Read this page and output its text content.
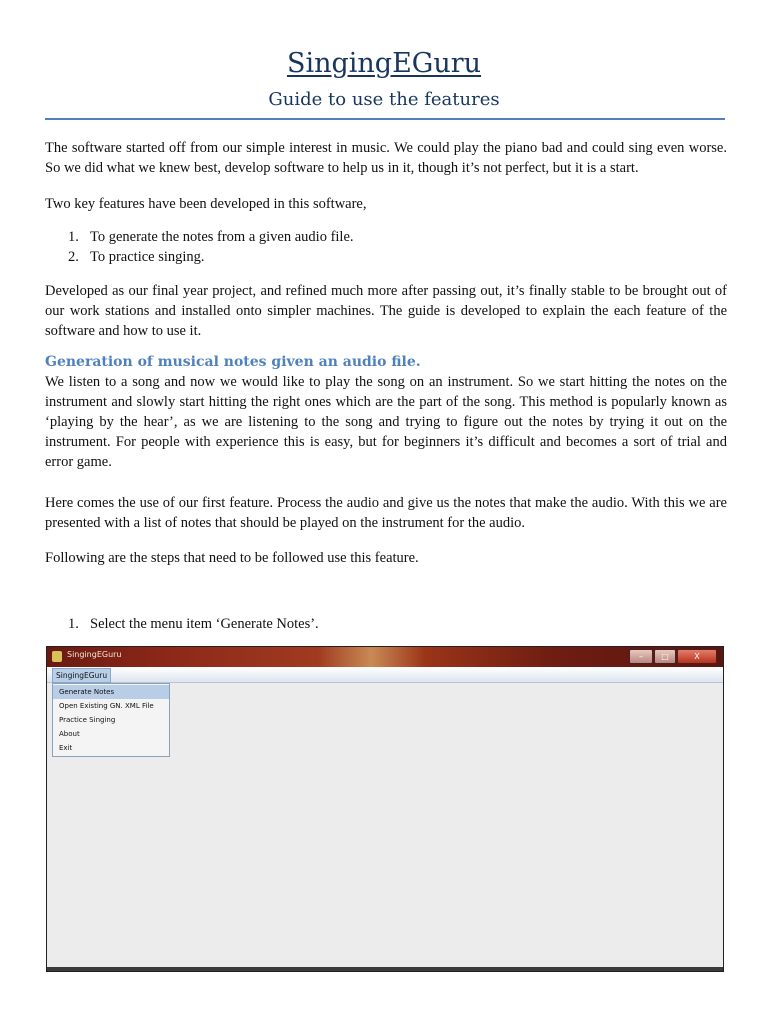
SingingEGuru
Guide to use the features

The software started off from our simple interest in music. We could play the piano bad and could sing even worse. So we did what we knew best, develop software to help us in it, though it’s not perfect, but it is a start.

Two key features have been developed in this software,

1. To generate the notes from a given audio file.
2. To practice singing.

Developed as our final year project, and refined much more after passing out, it’s finally stable to be brought out of our work stations and installed onto simpler machines. The guide is developed to explain the each feature of the software and how to use it.

Generation of musical notes given an audio file.

We listen to a song and now we would like to play the song on an instrument. So we start hitting the notes on the instrument and slowly start hitting the right ones which are the part of the song. This method is popularly known as ‘playing by the hear’, as we are listening to the song and trying to figure out the notes by trying it out on the instrument. For people with experience this is easy, but for beginners it’s difficult and becomes a sort of trial and error game.

Here comes the use of our first feature. Process the audio and give us the notes that make the audio. With this we are presented with a list of notes that should be played on the instrument for the audio.

Following are the steps that need to be followed use this feature.

1. Select the menu item ‘Generate Notes’.
SingingEGuru	–	□	X
SingingEGuru
Generate Notes
Open Existing GN. XML File
Practice Singing
About
Exit
